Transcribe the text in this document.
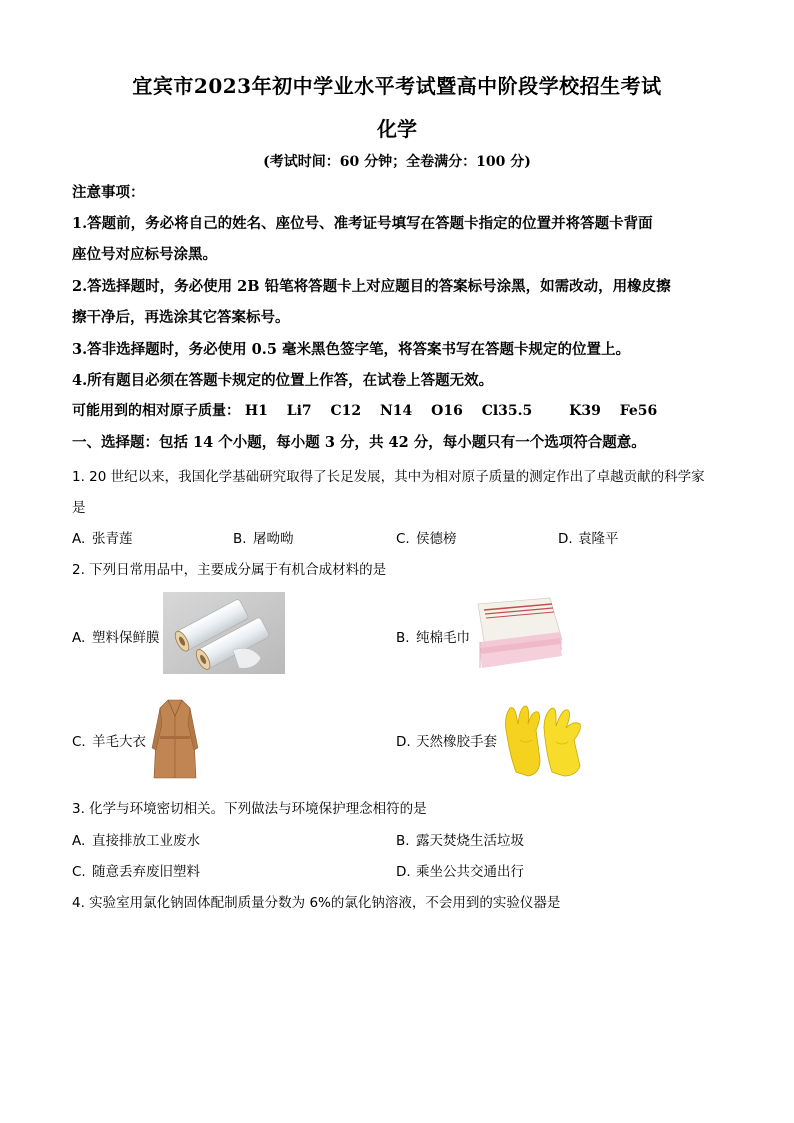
宜宾市2023年初中学业水平考试暨高中阶段学校招生考试
化学
(考试时间：60 分钟；全卷满分：100 分)
注意事项：
1.答题前，务必将自己的姓名、座位号、准考证号填写在答题卡指定的位置并将答题卡背面
座位号对应标号涂黑。
2.答选择题时，务必使用 2B 铅笔将答题卡上对应题目的答案标号涂黑，如需改动，用橡皮擦
擦干净后，再选涂其它答案标号。
3.答非选择题时，务必使用 0.5 毫米黑色签字笔，将答案书写在答题卡规定的位置上。
4.所有题目必须在答题卡规定的位置上作答，在试卷上答题无效。
可能用到的相对原子质量： H1 Li7 C12 N14 O16 Cl35.5	K39 Fe56
一、选择题：包括 14 个小题，每小题 3 分，共 42 分，每小题只有一个选项符合题意。
1. 20 世纪以来，我国化学基础研究取得了长足发展，其中为相对原子质量的测定作出了卓越贡献的科学家
是
A. 张青莲	B. 屠呦呦	C. 侯德榜	D. 袁隆平
2. 下列日常用品中，主要成分属于有机合成材料的是
A. 塑料保鲜膜	B. 纯棉毛巾
C. 羊毛大衣	D. 天然橡胶手套
3. 化学与环境密切相关。下列做法与环境保护理念相符的是
A. 直接排放工业废水	B. 露天焚烧生活垃圾
C. 随意丢弃废旧塑料	D. 乘坐公共交通出行
4. 实验室用氯化钠固体配制质量分数为 6%的氯化钠溶液，不会用到的实验仪器是
